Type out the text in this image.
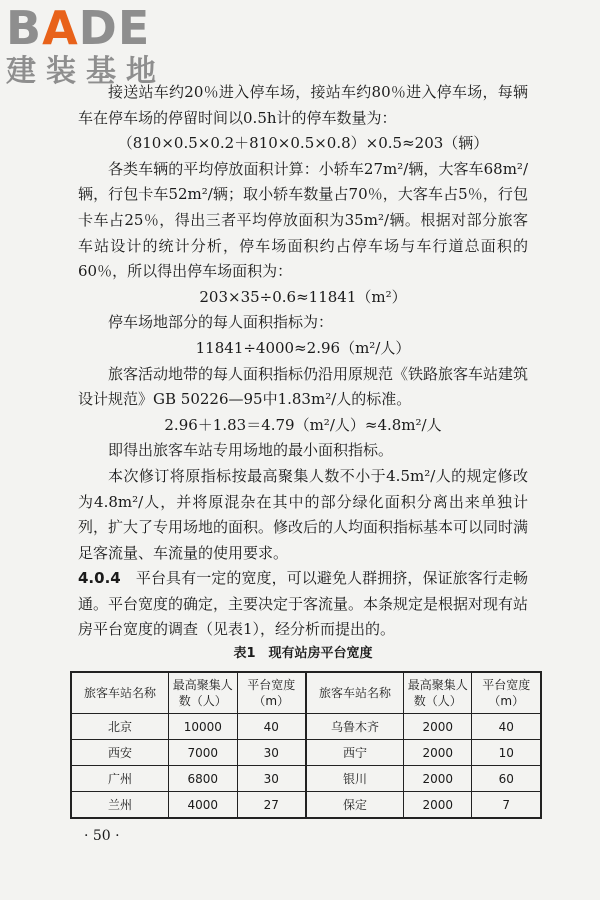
BADE
建装基地

接送站车约20％进入停车场，接站车约80％进入停车场，每辆车在停车场的停留时间以0.5h计的停车数量为：

（810×0.5×0.2＋810×0.5×0.8）×0.5≈203（辆）

各类车辆的平均停放面积计算：小轿车27m²/辆，大客车68m²/辆，行包卡车52m²/辆；取小轿车数量占70％，大客车占5％，行包卡车占25％，得出三者平均停放面积为35m²/辆。根据对部分旅客车站设计的统计分析，停车场面积约占停车场与车行道总面积的60％，所以得出停车场面积为：

203×35÷0.6≈11841（m²）

停车场地部分的每人面积指标为：

11841÷4000≈2.96（m²/人）

旅客活动地带的每人面积指标仍沿用原规范《铁路旅客车站建筑设计规范》GB 50226—95中1.83m²/人的标准。

2.96＋1.83＝4.79（m²/人）≈4.8m²/人

即得出旅客车站专用场地的最小面积指标。

本次修订将原指标按最高聚集人数不小于4.5m²/人的规定修改为4.8m²/人，并将原混杂在其中的部分绿化面积分离出来单独计列，扩大了专用场地的面积。修改后的人均面积指标基本可以同时满足客流量、车流量的使用要求。

4.0.4　 平台具有一定的宽度，可以避免人群拥挤，保证旅客行走畅通。平台宽度的确定，主要决定于客流量。本条规定是根据对现有站房平台宽度的调查（见表1），经分析而提出的。

表1　现有站房平台宽度
旅客车站名称	最高聚集人数（人）	平台宽度（m）	旅客车站名称	最高聚集人数（人）	平台宽度（m）
北京	10000	40	乌鲁木齐	2000	40
西安	7000	30	西宁	2000	10
广州	6800	30	银川	2000	60
兰州	4000	27	保定	2000	7
· 50 ·
